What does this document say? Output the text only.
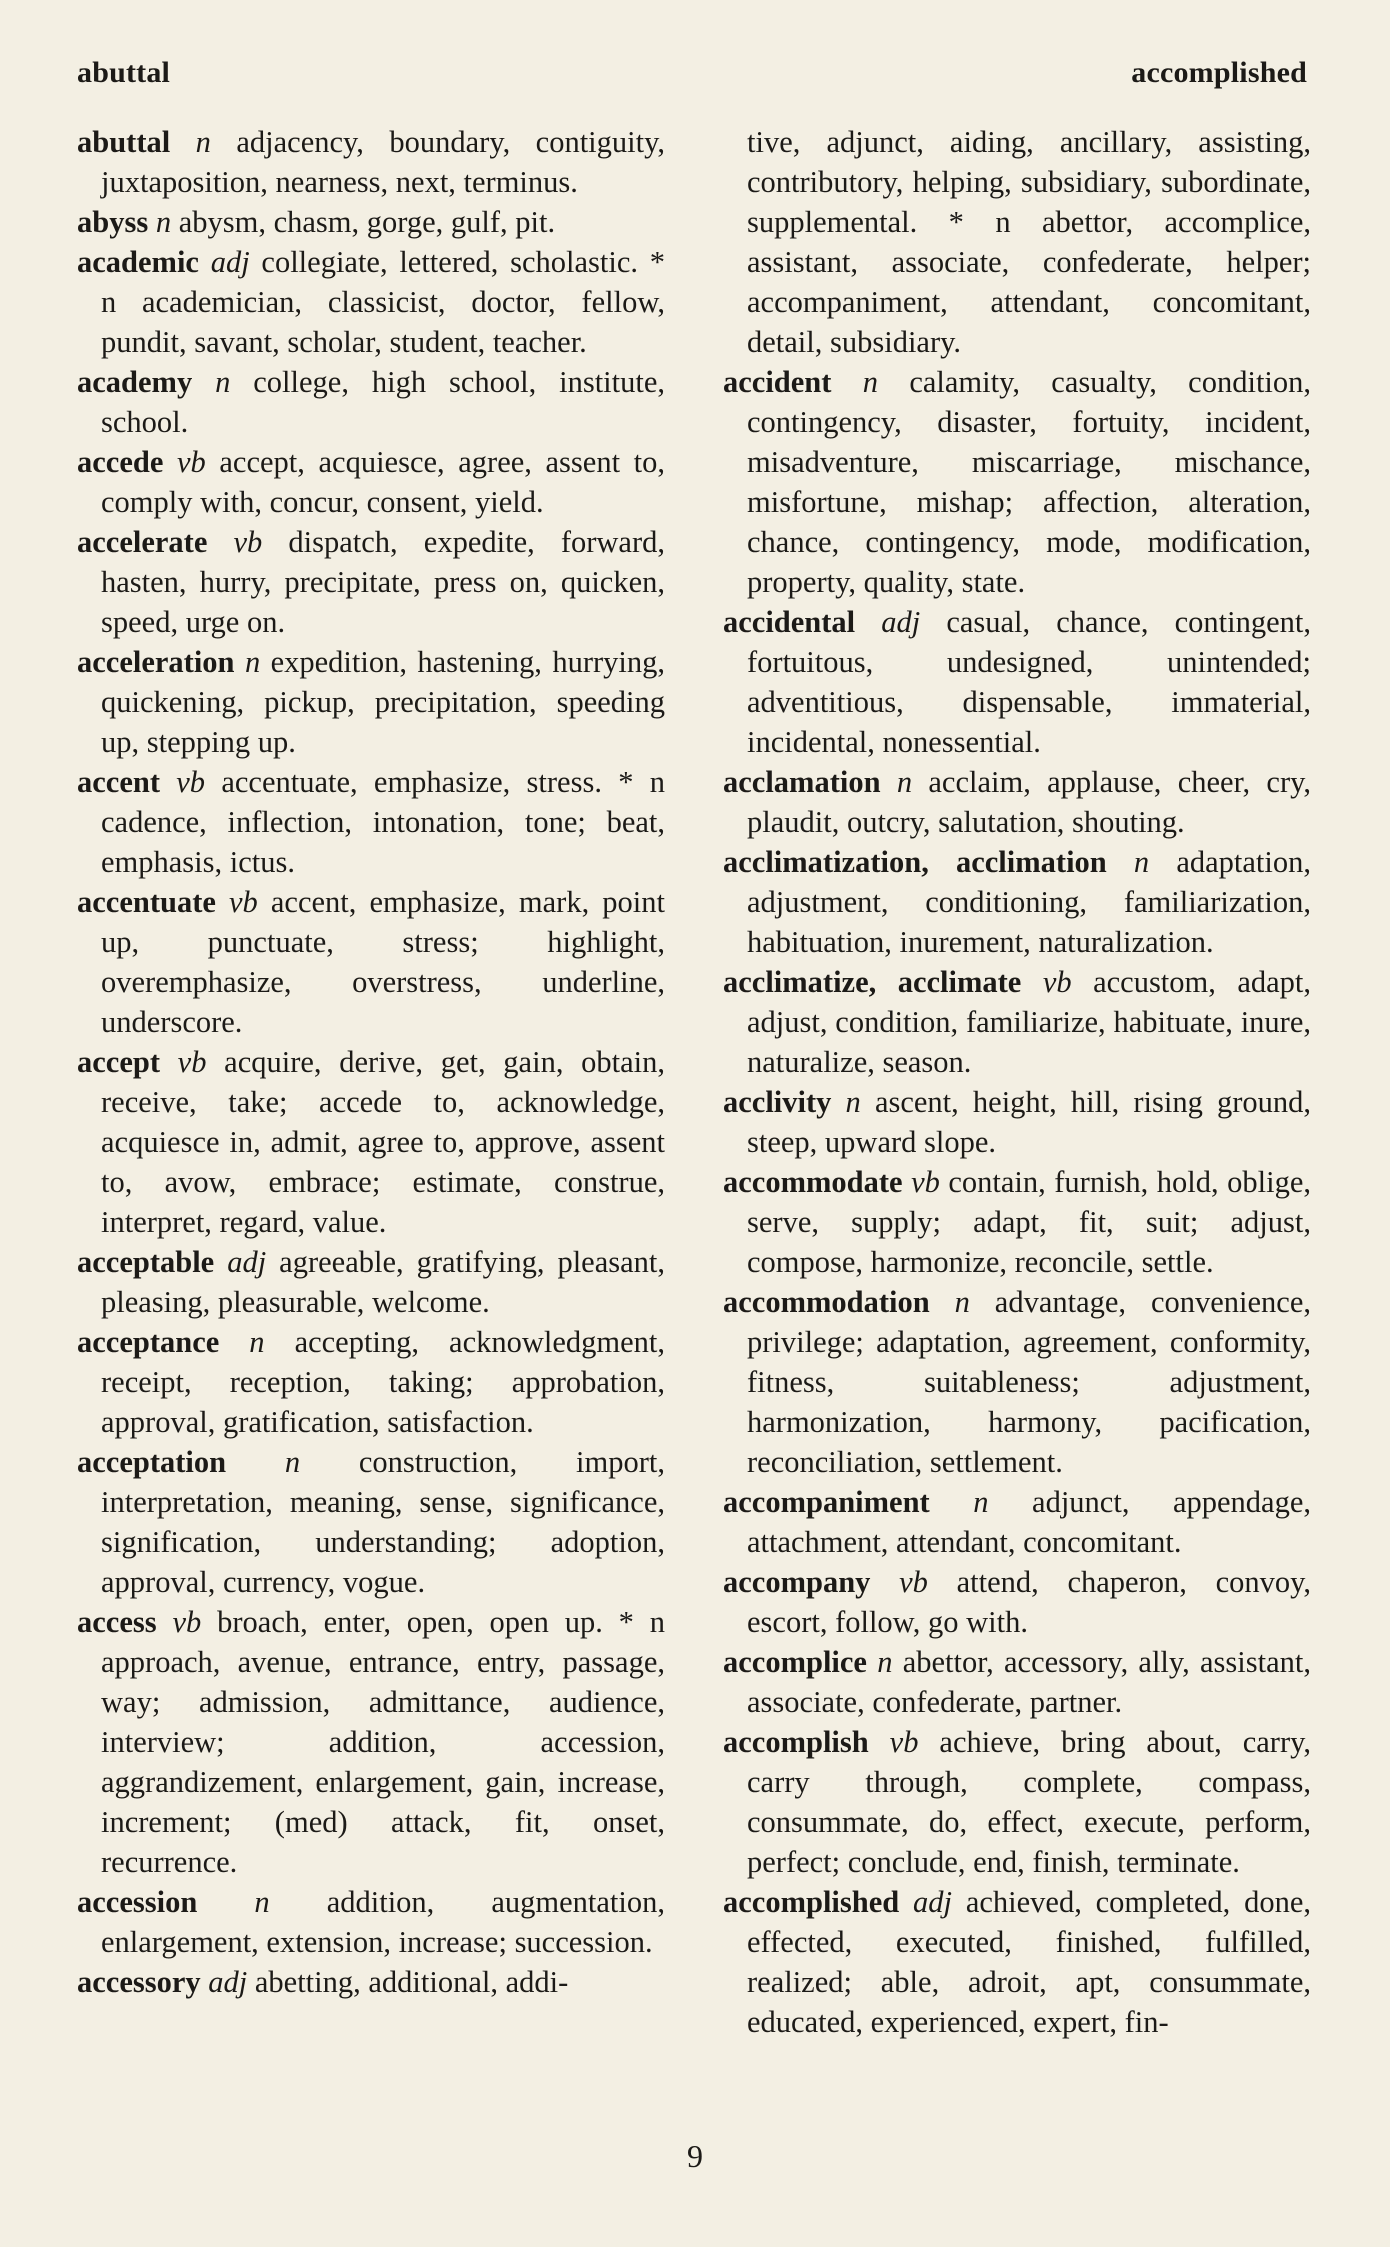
abuttal	accomplished

abuttal n adjacency, boundary, contiguity, juxtaposition, nearness, next, terminus.

abyss n abysm, chasm, gorge, gulf, pit.

academic adj collegiate, lettered, scholastic. * n academician, classicist, doctor, fellow, pundit, savant, scholar, student, teacher.

academy n college, high school, institute, school.

accede vb accept, acquiesce, agree, assent to, comply with, concur, consent, yield.

accelerate vb dispatch, expedite, forward, hasten, hurry, precipitate, press on, quicken, speed, urge on.

acceleration n expedition, hastening, hurrying, quickening, pickup, precipitation, speeding up, stepping up.

accent vb accentuate, emphasize, stress. * n cadence, inflection, intonation, tone; beat, emphasis, ictus.

accentuate vb accent, emphasize, mark, point up, punctuate, stress; highlight, overemphasize, overstress, underline, underscore.

accept vb acquire, derive, get, gain, obtain, receive, take; accede to, acknowledge, acquiesce in, admit, agree to, approve, assent to, avow, embrace; estimate, construe, interpret, regard, value.

acceptable adj agreeable, gratifying, pleasant, pleasing, pleasurable, welcome.

acceptance n accepting, acknowledgment, receipt, reception, taking; approbation, approval, gratification, satisfaction.

acceptation n construction, import, interpretation, meaning, sense, significance, signification, understanding; adoption, approval, currency, vogue.

access vb broach, enter, open, open up. * n approach, avenue, entrance, entry, passage, way; admission, admittance, audience, interview; addition, accession, aggrandizement, enlargement, gain, increase, increment; (med) attack, fit, onset, recurrence.

accession n addition, augmentation, enlargement, extension, increase; succession.

accessory adj abetting, additional, addi-

tive, adjunct, aiding, ancillary, assisting, contributory, helping, subsidiary, subordinate, supplemental. * n abettor, accomplice, assistant, associate, confederate, helper; accompaniment, attendant, concomitant, detail, subsidiary.

accident n calamity, casualty, condition, contingency, disaster, fortuity, incident, misadventure, miscarriage, mischance, misfortune, mishap; affection, alteration, chance, contingency, mode, modification, property, quality, state.

accidental adj casual, chance, contingent, fortuitous, undesigned, unintended; adventitious, dispensable, immaterial, incidental, nonessential.

acclamation n acclaim, applause, cheer, cry, plaudit, outcry, salutation, shouting.

acclimatization, acclimation n adaptation, adjustment, conditioning, familiarization, habituation, inurement, naturalization.

acclimatize, acclimate vb accustom, adapt, adjust, condition, familiarize, habituate, inure, naturalize, season.

acclivity n ascent, height, hill, rising ground, steep, upward slope.

accommodate vb contain, furnish, hold, oblige, serve, supply; adapt, fit, suit; adjust, compose, harmonize, reconcile, settle.

accommodation n advantage, convenience, privilege; adaptation, agreement, conformity, fitness, suitableness; adjustment, harmonization, harmony, pacification, reconciliation, settlement.

accompaniment n adjunct, appendage, attachment, attendant, concomitant.

accompany vb attend, chaperon, convoy, escort, follow, go with.

accomplice n abettor, accessory, ally, assistant, associate, confederate, partner.

accomplish vb achieve, bring about, carry, carry through, complete, compass, consummate, do, effect, execute, perform, perfect; conclude, end, finish, terminate.

accomplished adj achieved, completed, done, effected, executed, finished, fulfilled, realized; able, adroit, apt, consummate, educated, experienced, expert, fin-

9
